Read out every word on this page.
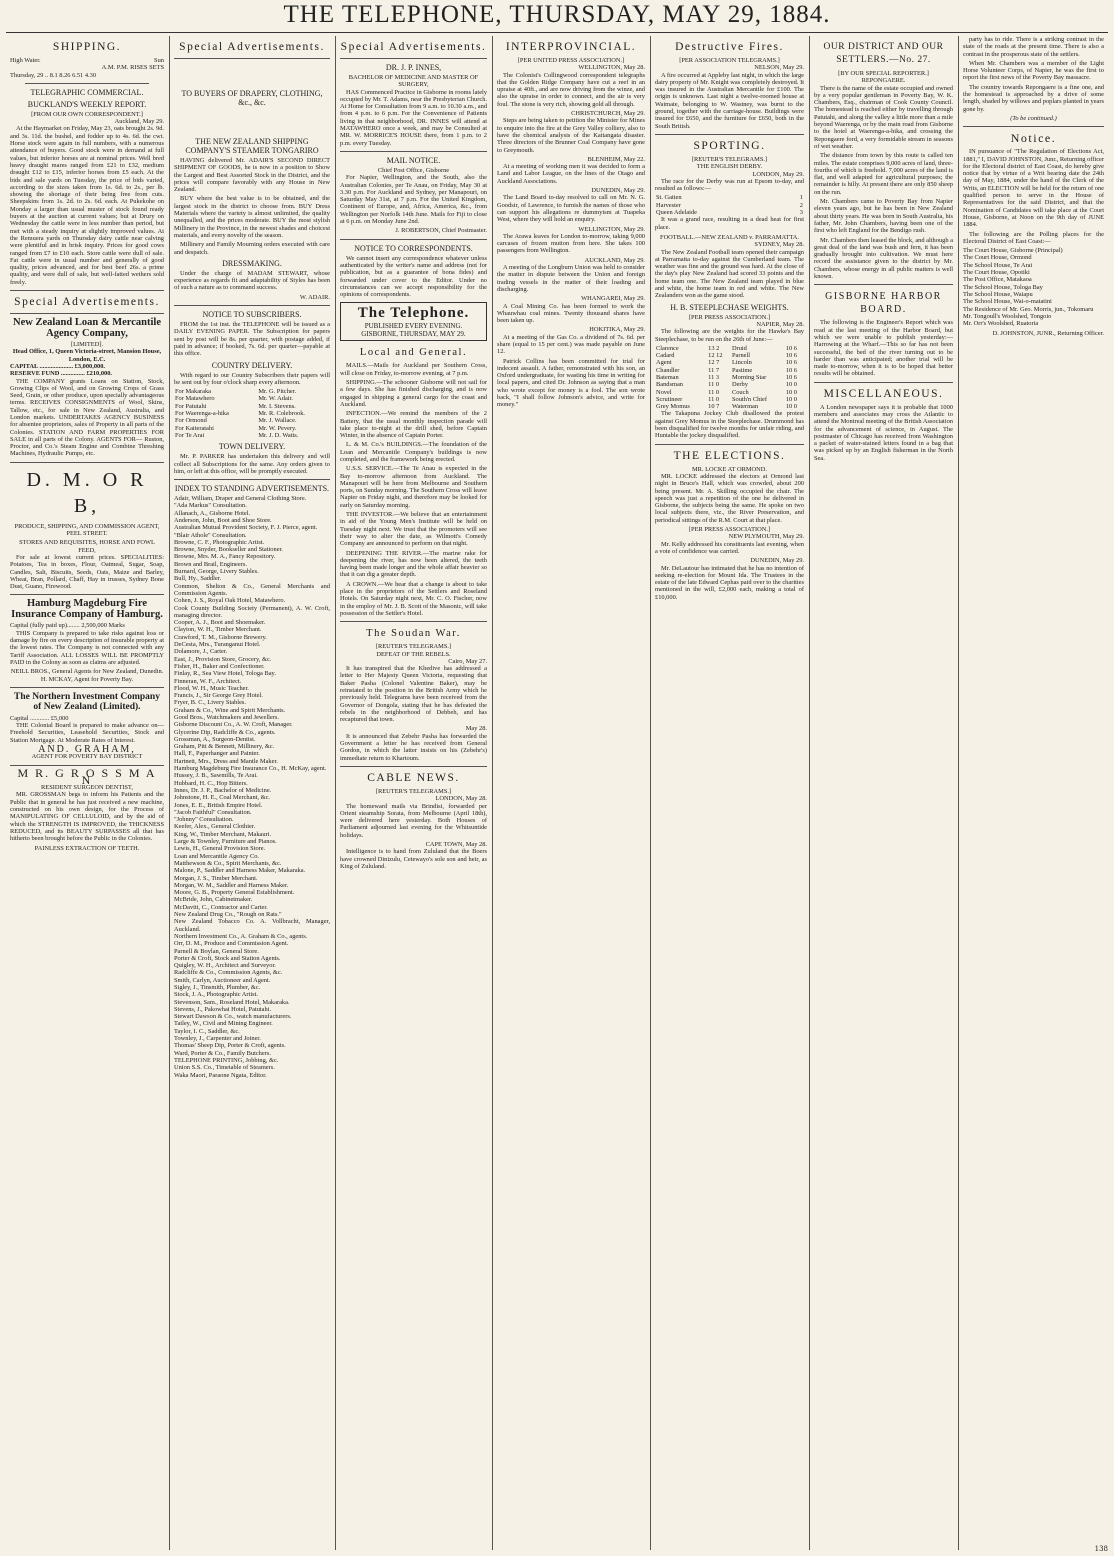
THE TELEPHONE, THURSDAY, MAY 29, 1884.
SHIPPING.
High Water.	Sun
A.M. P.M. RISES SETS
Thursday, 29 .. 8.1 8.26 6.51 4.30
TELEGRAPHIC COMMERCIAL.
BUCKLAND'S WEEKLY REPORT.
[FROM OUR OWN CORRESPONDENT.]
Auckland, May 29.

At the Haymarket on Friday, May 23, oats brought 2s. 9d. and 3s. 11d. the bushel, and fodder up to 4s. 6d. the cwt. Horse stock were again in full numbers, with a numerous attendance of buyers. Good stock were in demand at full values, but inferior horses are at nominal prices. Well bred heavy draught mares ranged from £21 to £32, medium draught £12 to £15, inferior horses from £5 each. At the bids and sale yards on Tuesday, the price of bids varied, according to the sizes taken from 1s. 6d. to 2s., per lb. showing the shortage of their being free from cuts. Sheepskins from 1s. 2d. to 2s. 6d. each. At Pukekohe on Monday a larger than usual muster of stock found ready buyers at the auction at current values; but at Drury on Wednesday the cattle were in less number than period, but met with a steady inquiry at slightly improved values. At the Remuera yards on Thursday dairy cattle near calving were plentiful and in brisk inquiry. Prices for good cows ranged from £7 to £10 each. Store cattle were dull of sale. Fat cattle were in usual number and generally of good quality, prices advanced, and for best beef 26s. a prime quality, and were dull of sale, but well-fatted wethers sold freely.

Special Advertisements.
New Zealand Loan & Mercantile Agency Company,
[LIMITED].
Head Office, 1, Queen Victoria-street, Mansion House, London, E.C.
CAPITAL ..................... £3,000,000.
RESERVE FUND ............... £210,000.

THE COMPANY grants Loans on Station, Stock, Growing Clips of Wool, and on Growing Crops of Grass Seed, Grain, or other produce, upon specially advantageous terms. RECEIVES CONSIGNMENTS of Wool, Skins, Tallow, etc., for sale in New Zealand, Australia, and London markets. UNDERTAKES AGENCY BUSINESS for absentee proprietors, sales of Property in all parts of the Colonies. STATION AND FARM PROPERTIES FOR SALE in all parts of the Colony. AGENTS FOR— Ruston, Proctor, and Co.'s Steam Engine and Combine Threshing Machines, Hydraulic Pumps, etc.

D. M. O R B,
PRODUCE, SHIPPING, AND COMMISSION AGENT, PEEL STREET.
STORES AND REQUISITES, HORSE AND FOWL FEED,

For sale at lowest current prices. SPECIALITIES: Potatoes, Tea in boxes, Flour, Oatmeal, Sugar, Soap, Candles, Salt, Biscuits, Seeds, Oats, Maize and Barley, Wheat, Bran, Pollard, Chaff, Hay in trusses, Sydney Bone Dust, Guano, Firewood.

Hamburg Magdeburg Fire Insurance Company of Hamburg.
Capital (fully paid up)........ 2,500,000 Marks

THIS Company is prepared to take risks against loss or damage by fire on every description of insurable property at the lowest rates. The Company is not connected with any Tariff Association. ALL LOSSES WILL BE PROMPTLY PAID in the Colony as soon as claims are adjusted.

NEILL BROS., General Agents for New Zealand, Dunedin.
H. MCKAY, Agent for Poverty Bay.
The Northern Investment Company of New Zealand (Limited).
Capital ............ £5,000

THE Colonial Board is prepared to make advance on— Freehold Securities, Leasehold Securities, Stock and Station Mortgage. At Moderate Rates of Interest.

AND. GRAHAM,
AGENT FOR POVERTY BAY DISTRICT
M R. G R O S S M A N
RESIDENT SURGEON DENTIST,

MR. GROSSMAN begs to inform his Patients and the Public that in general he has just received a new machine, constructed on his own design, for the Process of MANIPULATING OF CELLULOID, and by the aid of which the STRENGTH IS IMPROVED, the THICKNESS REDUCED, and its BEAUTY SURPASSES all that has hitherto been brought before the Public in the Colonies.

PAINLESS EXTRACTION OF TEETH.
Special Advertisements.
TO BUYERS OF DRAPERY, CLOTHING, &c., &c.
THE NEW ZEALAND SHIPPING COMPANY'S STEAMER TONGARIRO

HAVING delivered Mr. ADAIR'S SECOND DIRECT SHIPMENT OF GOODS, he is now in a position to Show the Largest and Best Assorted Stock in the District, and the prices will compare favorably with any House in New Zealand.

BUY where the best value is to be obtained, and the largest stock in the district to choose from. BUY Dress Materials where the variety is almost unlimited, the quality unequalled, and the prices moderate. BUY the most stylish Millinery in the Province, in the newest shades and choicest materials, and every novelty of the season.

Millinery and Family Mourning orders executed with care and despatch.

DRESSMAKING.

Under the charge of MADAM STEWART, whose experience as regards fit and adaptability of Styles has been of such a nature as to command success.

W. ADAIR.
NOTICE TO SUBSCRIBERS.

FROM the 1st inst. the TELEPHONE will be issued as a DAILY EVENING PAPER. The Subscription for papers sent by post will be 8s. per quarter, with postage added, if paid in advance; if booked, 7s. 6d. per quarter—payable at this office.

COUNTRY DELIVERY.

With regard to our Country Subscribers their papers will be sent out by four o'clock sharp every afternoon.

For Makaraka	Mr. G. Pitcher.
For Matawhero	Mr. W. Adair.
For Patutahi	Mr. I. Stevens.
For Waerenga-a-hika	Mr. R. Colebrook.
For Ormond	Mr. J. Wallace.
For Kaiteratahi	Mr. W. Pevery.
For Te Arai	Mr. J. D. Watts.
TOWN DELIVERY.

Mr. P. PARKER has undertaken this delivery and will collect all Subscriptions for the same. Any orders given to him, or left at this office, will be promptly executed.

INDEX TO STANDING ADVERTISEMENTS.
Adair, William, Draper and General Clothing Store.
"Ada Markus" Consultation.
Allanach, A., Gisborne Hotel.
Anderson, John, Boot and Shoe Store.
Australian Mutual Provident Society, F. J. Pierce, agent.
"Blair Athole" Consultation.
Browne, C. F., Photographic Artist.
Browne, Snyder, Bookseller and Stationer.
Browne, Mrs. M. A., Fancy Repository.
Brown and Brail, Engineers.
Burnard, George, Livery Stables.
Bull, Hy., Saddler.
Common, Shelton & Co., General Merchants and Commission Agents.
Cohen, J. S., Royal Oak Hotel, Matawhero.
Cook County Building Society (Permanent), A. W. Croft, managing director.
Cooper, A. J., Boot and Shoemaker.
Clayton, W. H., Timber Merchant.
Crawford, T. M., Gisborne Brewery.
DeCesta, Mrs., Turanganui Hotel.
Dolamore, J., Carter.
East, J., Provision Store, Grocery, &c.
Fisher, H., Baker and Confectioner.
Finlay, R., Sea View Hotel, Tologa Bay.
Finneran, W. F., Architect.
Flood, W. H., Music Teacher.
Francis, J., Sir George Grey Hotel.
Fryer, B. C., Livery Stables.
Graham & Co., Wine and Spirit Merchants.
Good Bros., Watchmakers and Jewellers.
Gisborne Discount Co., A. W. Croft, Manager.
Glycerine Dip, Radcliffe & Co., agents.
Grossman, A., Surgeon-Dentist.
Graham, Pitt & Bennett, Millinery, &c.
Hall, F., Paperhanger and Painter.
Hartnett, Mrs., Dress and Mantle Maker.
Hamburg Magdeburg Fire Insurance Co., H. McKay, agent.
Hussey, J. B., Sawmills, Te Arai.
Hubbard, H. C., Hop Bitters.
Innes, Dr. J. P., Bachelor of Medicine.
Johnstone, H. E., Coal Merchant, &c.
Jones, E. E., British Empire Hotel.
"Jacob Faithful" Consultation.
"Johnny" Consultation.
Keefer, Alex., General Clothier.
King, W., Timber Merchant, Makauri.
Large & Townley, Furniture and Pianos.
Lewis, H., General Provision Store.
Loan and Mercantile Agency Co.
Matthewson & Co., Spirit Merchants, &c.
Malone, P., Saddler and Harness Maker, Makaraka.
Morgan, J. S., Timber Merchant.
Morgan, W. M., Saddler and Harness Maker.
Moore, G. B., Property General Establishment.
McBride, John, Cabinetmaker.
McDavitt, C., Contractor and Carter.
New Zealand Drug Co., "Rough on Rats."
New Zealand Tobacco Co. A. Vollbracht, Manager, Auckland.
Northern Investment Co., A. Graham & Co., agents.
Orr, D. M., Produce and Commission Agent.
Parnell & Boylan, General Store.
Porter & Croft, Stock and Station Agents.
Quigley, W. H., Architect and Surveyor.
Radcliffe & Co., Commission Agents, &c.
Smith, Carlyn, Auctioneer and Agent.
Sigley, J., Tinsmith, Plumber, &c.
Stock, J. A., Photographic Artist.
Stevenson, Sam., Roseland Hotel, Makaraka.
Stevens, J., Pakowhai Hotel, Patutahi.
Stewart Dawson & Co., watch manufacturers.
Tailey, W., Civil and Mining Engineer.
Taylor, I. C., Saddler, &c.
Townley, J., Carpenter and Joiner.
Thomas' Sheep Dip, Porter & Croft, agents.
Ward, Porter & Co., Family Butchers.
TELEPHONE PRINTING, Jobbing, &c.
Union S.S. Co., Timetable of Steamers.
Waka Maori, Paraone Ngata, Editor.
Special Advertisements.
DR. J. P. INNES,
BACHELOR OF MEDICINE AND MASTER OF SURGERY,

HAS Commenced Practice in Gisborne in rooms lately occupied by Mr. T. Adams, near the Presbyterian Church. At Home for Consultation from 9 a.m. to 10.30 a.m., and from 4 p.m. to 6 p.m. For the Convenience of Patients living in that neighborhood, DR. INNES will attend at MATAWHERO once a week, and may be Consulted at MR. W. MORRICE'S HOUSE there, from 1 p.m. to 2 p.m. every Tuesday.

MAIL NOTICE.
Chief Post Office, Gisborne

For Napier, Wellington, and the South, also the Australian Colonies, per Te Anau, on Friday, May 30 at 3.30 p.m. For Auckland and Sydney, per Manapouri, on Saturday May 31st, at 7 p.m. For the United Kingdom, Continent of Europe, and, Africa, America, &c., from Wellington per Norfolk 14th June. Mails for Fiji to close at 6 p.m. on Monday June 2nd.

J. ROBERTSON, Chief Postmaster.
NOTICE TO CORRESPONDENTS.

We cannot insert any correspondence whatever unless authenticated by the writer's name and address (not for publication, but as a guarantee of bona fides) and forwarded under cover to the Editor. Under no circumstances can we accept responsibility for the opinions of correspondents.

The Telephone.
PUBLISHED EVERY EVENING.
GISBORNE, THURSDAY, MAY 29.
Local and General.

MAILS.—Mails for Auckland per Southern Cross, will close on Friday, to-morrow evening, at 7 p.m.

SHIPPING.—The schooner Gisborne will not sail for a few days. She has finished discharging, and is now engaged in shipping a general cargo for the coast and Auckland.

INFECTION.—We remind the members of the 2 Battery, that the usual monthly inspection parade will take place to-night at the drill shed, before Captain Winter, in the absence of Captain Porter.

L. & M. Co.'s BUILDINGS.—The foundation of the Loan and Mercantile Company's buildings is now completed, and the framework being erected.

U.S.S. SERVICE.—The Te Anau is expected in the Bay to-morrow afternoon from Auckland. The Manapouri will be here from Melbourne and Southern ports, on Sunday morning. The Southern Cross will leave Napier on Friday night, and therefore may be looked for early on Saturday morning.

THE INVESTOR.—We believe that an entertainment in aid of the Young Men's Institute will be held on Tuesday night next. We trust that the promoters will see their way to alter the date, as Wilmott's Comedy Company are announced to perform on that night.

DEEPENING THE RIVER.—The marine rake for deepening the river, has now been altered, the teeth having been made longer and the whole affair heavier so that it can dig a greater depth.

A CROWN.—We hear that a change is about to take place in the proprietors of the Settlers and Roseland Hotels. On Saturday night next, Mr. C. O. Fischer, now in the employ of Mr. J. B. Scott of the Masonic, will take possession of the Settler's Hotel.

The Soudan War.
[REUTER'S TELEGRAMS.]
DEFEAT OF THE REBELS.
Cairo, May 27.

It has transpired that the Khedive has addressed a letter to Her Majesty Queen Victoria, requesting that Baker Pasha (Colonel Valentine Baker), may be reinstated to the position in the British Army which he previously held. Telegrams have been received from the Governor of Dongola, stating that he has defeated the rebels in the neighborhood of Debbeh, and has recaptured that town.

May 28.

It is announced that Zebehr Pasha has forwarded the Government a letter he has received from General Gordon, in which the latter insists on his (Zebehr's) immediate return to Khartoum.

CABLE NEWS.
[REUTER'S TELEGRAMS.]
LONDON, May 28.

The homeward mails via Brindisi, forwarded per Orient steamship Sorata, from Melbourne (April 18th), were delivered here yesterday. Both Houses of Parliament adjourned last evening for the Whitsuntide holidays.

CAPE TOWN, May 28.

Intelligence is to hand from Zululand that the Boers have crowned Dinizulu, Cetewayo's sole son and heir, as King of Zululand.

INTERPROVINCIAL.
[PER UNITED PRESS ASSOCIATION.]
WELLINGTON, May 28.

The Colonist's Collingwood correspondent telegraphs that the Golden Ridge Company have cut a reef in an upraise at 40ft., and are now driving from the winze, and also the upraise in order to connect, and the air is very foul. The stone is very rich, showing gold all through.

CHRISTCHURCH, May 29.

Steps are being taken to petition the Minister for Mines to enquire into the fire at the Grey Valley colliery, also to have the chemical analysis of the Kaitangata disaster. Three directors of the Brunner Coal Company have gone to Greymouth.

BLENHEIM, May 22.

At a meeting of working men it was decided to form a Land and Labor League, on the lines of the Otago and Auckland Associations.

DUNEDIN, May 29.

The Land Board to-day resolved to call on Mr. N. G. Goodsir, of Lawrence, to furnish the names of those who can support his allegations re dummyism at Tuapeka West, where they will hold an enquiry.

WELLINGTON, May 29.

The Arawa leaves for London to-morrow, taking 9,000 carcases of frozen mutton from here. She takes 100 passengers from Wellington.

AUCKLAND, May 29.

A meeting of the Longburn Union was held to consider the matter in dispute between the Union and foreign trading vessels in the matter of their loading and discharging.

WHANGAREI, May 29.

A Coal Mining Co. has been formed to work the Whauwhau coal mines. Twenty thousand shares have been taken up.

HOKITIKA, May 29.

At a meeting of the Gas Co. a dividend of 7s. 6d. per share (equal to 15 per cent.) was made payable on June 12.

Patrick Collins has been committed for trial for indecent assault. A father, remonstrated with his son, an Oxford undergraduate, for wasting his time in writing for local papers, and cited Dr. Johnson as saying that a man who wrote except for money is a fool. The son wrote back, "I shall follow Johnson's advice, and write for money."

Destructive Fires.
[PER ASSOCIATION TELEGRAMS.]
NELSON, May 29.

A fire occurred at Appleby last night, in which the large dairy property of Mr. Knight was completely destroyed. It was insured in the Australian Mercantile for £100. The origin is unknown. Last night a twelve-roomed house at Waimate, belonging to W. Wastney, was burnt to the ground, together with the carriage-house. Buildings were insured for £650, and the furniture for £650, both in the South British.

SPORTING.
[REUTER'S TELEGRAMS.]
THE ENGLISH DERBY.
LONDON, May 29.

The race for the Derby was run at Epsom to-day, and resulted as follows:—

St. Gatien	1
Harvester	2
Queen Adelaide	3

It was a grand race, resulting in a dead heat for first place.

FOOTBALL.—NEW ZEALAND v. PARRAMATTA.
SYDNEY, May 28.

The New Zealand Football team opened their campaign at Parramatta to-day against the Cumberland team. The weather was fine and the ground was hard. At the close of the day's play New Zealand had scored 33 points and the home team one. The New Zealand team played in blue and white, the home team in red and white. The New Zealanders won as the game stood.

H. B. STEEPLECHASE WEIGHTS.
[PER PRESS ASSOCIATION.]
NAPIER, May 28.

The following are the weights for the Hawke's Bay Steeplechase, to be run on the 26th of June:—

Clarence	13 2	Druid	10 6
Cadard	12 12	Parnell	10 6
Agent	12 7	Lincoln	10 6
Chandler	11 7	Pastime	10 6
Bateman	11 3	Morning Star	10 6
Bandsman	11 0	Derby	10 0
Novel	11 0	Couch	10 0
Scrutineer	11 0	South'n Chief	10 0
Grey Momus	10 7	Waterman	10 0

The Takapuna Jockey Club disallowed the protest against Grey Momus in the Steeplechase. Drummond has been disqualified for twelve months for unfair riding, and Huntable the jockey disqualified.

THE ELECTIONS.
MR. LOCKE AT ORMOND.

MR. LOCKE addressed the electors at Ormond last night in Bruce's Hall, which was crowded, about 200 being present. Mr. A. Skilling occupied the chair. The speech was just a repetition of the one he delivered in Gisborne, the subjects being the same. He spoke on two local subjects there, viz., the River Preservation, and periodical sittings of the R.M. Court at that place.

[PER PRESS ASSOCIATION.]
NEW PLYMOUTH, May 29.

Mr. Kelly addressed his constituents last evening, when a vote of confidence was carried.

DUNEDIN, May 29.

Mr. DeLautour has intimated that he has no intention of seeking re-election for Mount Ida. The Trustees in the estate of the late Edward Cephas paid over to the charities mentioned in the will, £2,000 each, making a total of £10,000.

OUR DISTRICT AND OUR SETTLERS.—No. 27.
[BY OUR SPECIAL REPORTER.]
REPONGAERE.

There is the name of the estate occupied and owned by a very popular gentleman in Poverty Bay, W. K. Chambers, Esq., chairman of Cook County Council. The homestead is reached either by travelling through Patutahi, and along the valley a little more than a mile beyond Waerenga, or by the main road from Gisborne to the hotel at Waerenga-a-hika, and crossing the Repongaere ford, a very formidable stream in seasons of wet weather.

The distance from town by this route is called ten miles. The estate comprises 9,000 acres of land, three-fourths of which is freehold. 7,000 acres of the land is flat, and well adapted for agricultural purposes; the remainder is hilly. At present there are only 850 sheep on the run.

Mr. Chambers came to Poverty Bay from Napier eleven years ago, but he has been in New Zealand about thirty years. He was born in South Australia, his father, Mr. John Chambers, having been one of the first who left England for the Bendigo rush.

Mr. Chambers then leased the block, and although a great deal of the land was bush and fern, it has been gradually brought into cultivation. We must here record the assistance given to the district by Mr. Chambers, whose energy in all public matters is well known.

GISBORNE HARBOR BOARD.

The following is the Engineer's Report which was read at the last meeting of the Harbor Board, but which we were unable to publish yesterday:— Harrowing at the Wharf.—This so far has not been successful, the bed of the river turning out to be harder than was anticipated; another trial will be made to-morrow, when it is to be hoped that better results will be obtained.

MISCELLANEOUS.

A London newspaper says it is probable that 1000 members and associates may cross the Atlantic to attend the Montreal meeting of the British Association for the advancement of science, in August. The postmaster of Chicago has received from Washington a packet of water-stained letters found in a bag that was picked up by an English fisherman in the North Sea.

party has to ride. There is a striking contrast in the state of the roads at the present time. There is also a contrast in the prosperous state of the settlers.

When Mr. Chambers was a member of the Light Horse Volunteer Corps, of Napier, he was the first to report the first news of the Poverty Bay massacre.

The country towards Repongaere is a fine one, and the homestead is approached by a drive of some length, shaded by willows and poplars planted in years gone by.

(To be continued.)
Notice.

IN pursuance of "The Regulation of Elections Act, 1881," I, DAVID JOHNSTON, Junr., Returning officer for the Electoral district of East Coast, do hereby give notice that by virtue of a Writ bearing date the 24th day of May, 1884, under the hand of the Clerk of the Writs, an ELECTION will be held for the return of one qualified person to serve in the House of Representatives for the said District, and that the Nomination of Candidates will take place at the Court House, Gisborne, at Noon on the 9th day of JUNE 1884.

The following are the Polling places for the Electoral District of East Coast:—

The Court House, Gisborne (Principal)
The Court House, Ormond
The School House, Te Arai
The Court House, Opotiki
The Post Office, Matakaoa
The School House, Tologa Bay
The School House, Waiapu
The School House, Wai-o-matatini
The Residence of Mr. Geo. Morris, jun., Tokomaru
Mr. Tongoull's Woolshed, Tongoio
Mr. Orr's Woolshed, Ruatoria
D. JOHNSTON, JUNR., Returning Officer.
138
